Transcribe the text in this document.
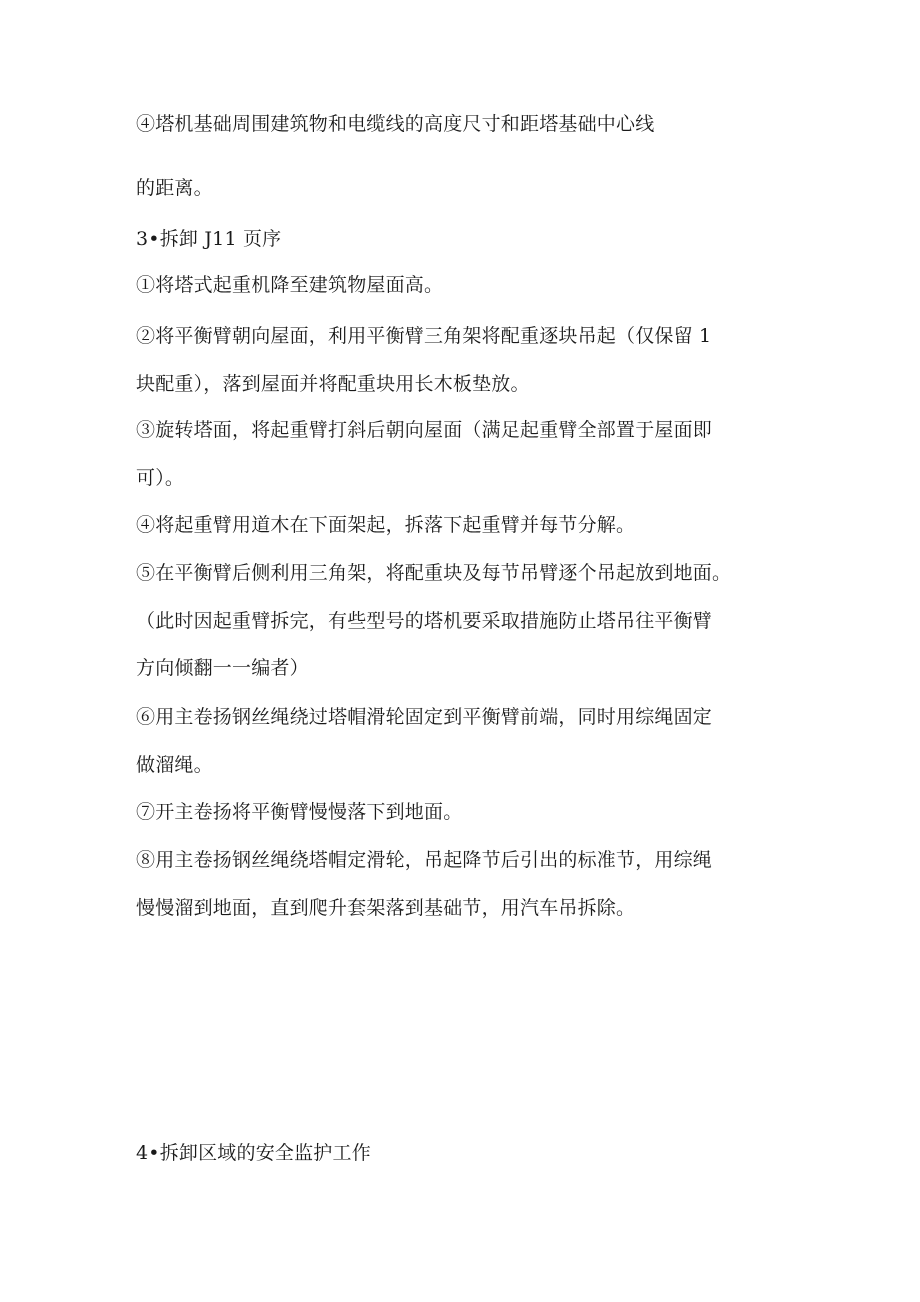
④塔机基础周围建筑物和电缆线的高度尺寸和距塔基础中心线
的距离。
3•拆卸 J11 页序
①将塔式起重机降至建筑物屋面高。
②将平衡臂朝向屋面，利用平衡臂三角架将配重逐块吊起（仅保留 1
块配重），落到屋面并将配重块用长木板垫放。
③旋转塔面，将起重臂打斜后朝向屋面（满足起重臂全部置于屋面即
可）。
④将起重臂用道木在下面架起，拆落下起重臂并每节分解。
⑤在平衡臂后侧利用三角架，将配重块及每节吊臂逐个吊起放到地面。
（此时因起重臂拆完，有些型号的塔机要采取措施防止塔吊往平衡臂
方向倾翻一一编者）
⑥用主卷扬钢丝绳绕过塔帽滑轮固定到平衡臂前端，同时用综绳固定
做溜绳。
⑦开主卷扬将平衡臂慢慢落下到地面。
⑧用主卷扬钢丝绳绕塔帽定滑轮，吊起降节后引出的标准节，用综绳
慢慢溜到地面，直到爬升套架落到基础节，用汽车吊拆除。
4•拆卸区域的安全监护工作
